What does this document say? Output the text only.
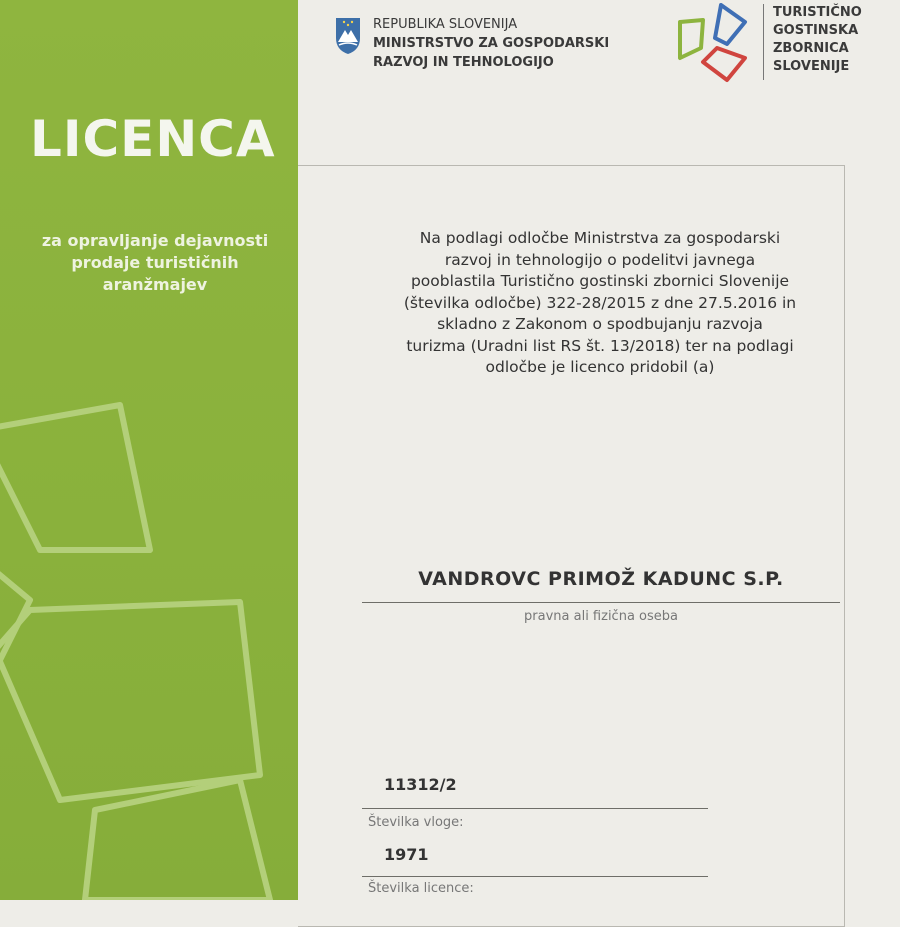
LICENCA
za opravljanje dejavnosti
prodaje turističnih
aranžmajev
REPUBLIKA SLOVENIJA
MINISTRSTVO ZA GOSPODARSKI
RAZVOJ IN TEHNOLOGIJO
TURISTIČNO
GOSTINSKA
ZBORNICA
SLOVENIJE
Na podlagi odločbe Ministrstva za gospodarski
razvoj in tehnologijo o podelitvi javnega
pooblastila Turistično gostinski zbornici Slovenije
(številka odločbe) 322-28/2015 z dne 27.5.2016 in
skladno z Zakonom o spodbujanju razvoja
turizma (Uradni list RS št. 13/2018) ter na podlagi
odločbe je licenco pridobil (a)
VANDROVC PRIMOŽ KADUNC S.P.
pravna ali fizična oseba
11312/2
Številka vloge:
1971
Številka licence:
